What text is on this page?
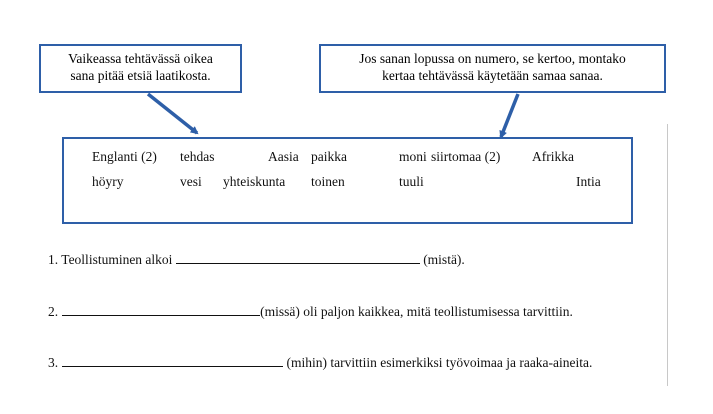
Vaikeassa tehtävässä oikea
sana pitää etsiä laatikosta.
Jos sanan lopussa on numero, se kertoo, montako
kertaa tehtävässä käytetään samaa sanaa.
Englanti (2) tehdas	Aasia paikka	moni siirtomaa (2) Afrikka
höyry	vesi yhteiskunta toinen	tuuli	Intia
1. Teollistuminen alkoi	(mistä).
2.	(missä) oli paljon kaikkea, mitä teollistumisessa tarvittiin.
3.	(mihin) tarvittiin esimerkiksi työvoimaa ja raaka-aineita.
